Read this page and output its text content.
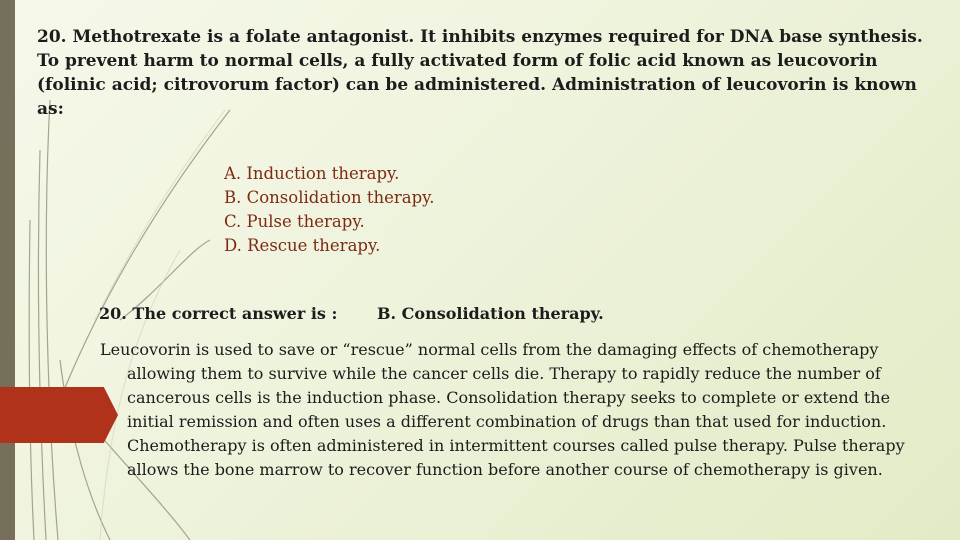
20. Methotrexate is a folate antagonist. It inhibits enzymes required for DNA base synthesis. To prevent harm to normal cells, a fully activated form of folic acid known as leucovorin (folinic acid; citrovorum factor) can be administered. Administration of leucovorin is known as:
A. Induction therapy.
B. Consolidation therapy.
C. Pulse therapy.
D. Rescue therapy.
20. The correct answer is : B. Consolidation therapy.
Leucovorin is used to save or “rescue” normal cells from the damaging effects of chemotherapy allowing them to survive while the cancer cells die. Therapy to rapidly reduce the number of cancerous cells is the induction phase. Consolidation therapy seeks to complete or extend the initial remission and often uses a different combination of drugs than that used for induction. Chemotherapy is often administered in intermittent courses called pulse therapy. Pulse therapy allows the bone marrow to recover function before another course of chemotherapy is given.
